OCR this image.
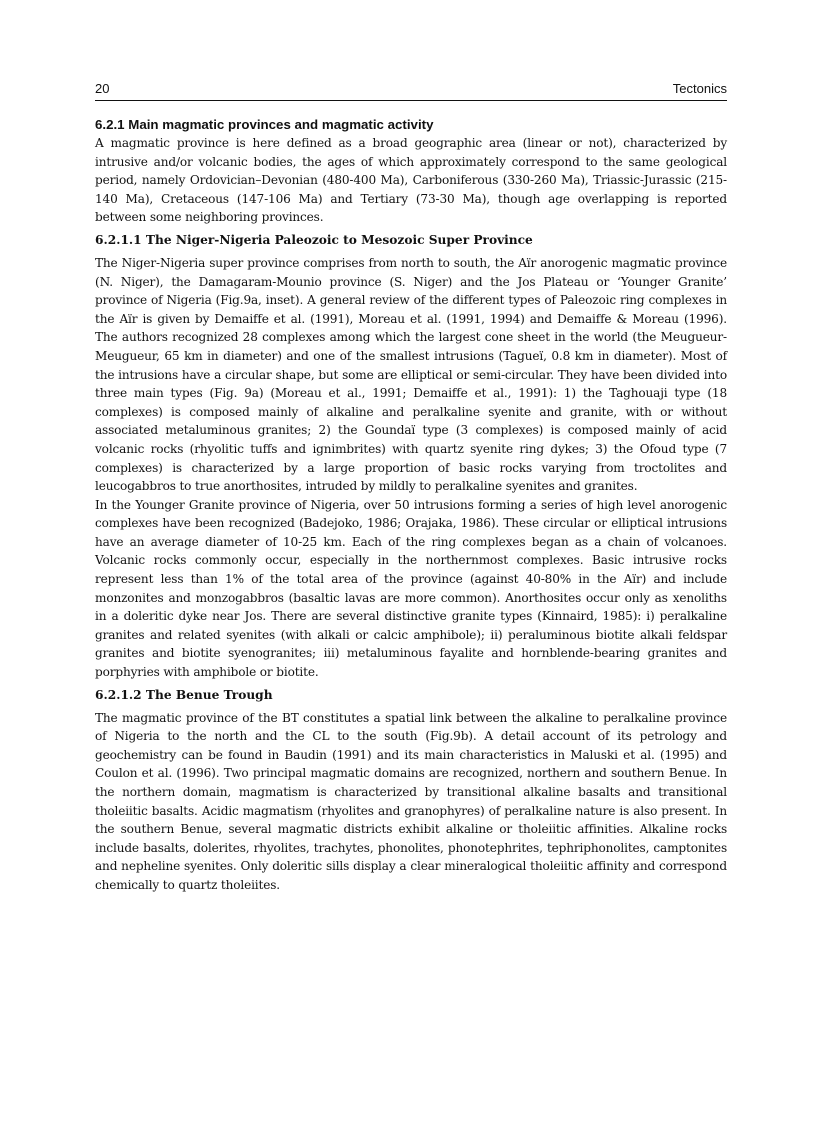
20	Tectonics
6.2.1 Main magmatic provinces and magmatic activity

A magmatic province is here defined as a broad geographic area (linear or not), characterized by intrusive and/or volcanic bodies, the ages of which approximately correspond to the same geological period, namely Ordovician–Devonian (480-400 Ma), Carboniferous (330-260 Ma), Triassic-Jurassic (215-140 Ma), Cretaceous (147-106 Ma) and Tertiary (73-30 Ma), though age overlapping is reported between some neighboring provinces.

6.2.1.1 The Niger-Nigeria Paleozoic to Mesozoic Super Province

The Niger-Nigeria super province comprises from north to south, the Aïr anorogenic magmatic province (N. Niger), the Damagaram-Mounio province (S. Niger) and the Jos Plateau or ‘Younger Granite’ province of Nigeria (Fig.9a, inset). A general review of the different types of Paleozoic ring complexes in the Aïr is given by Demaiffe et al. (1991), Moreau et al. (1991, 1994) and Demaiffe & Moreau (1996). The authors recognized 28 complexes among which the largest cone sheet in the world (the Meugueur-Meugueur, 65 km in diameter) and one of the smallest intrusions (Tagueï, 0.8 km in diameter). Most of the intrusions have a circular shape, but some are elliptical or semi-circular. They have been divided into three main types (Fig. 9a) (Moreau et al., 1991; Demaiffe et al., 1991): 1) the Taghouaji type (18 complexes) is composed mainly of alkaline and peralkaline syenite and granite, with or without associated metaluminous granites; 2) the Goundaï type (3 complexes) is composed mainly of acid volcanic rocks (rhyolitic tuffs and ignimbrites) with quartz syenite ring dykes; 3) the Ofoud type (7 complexes) is characterized by a large proportion of basic rocks varying from troctolites and leucogabbros to true anorthosites, intruded by mildly to peralkaline syenites and granites.

In the Younger Granite province of Nigeria, over 50 intrusions forming a series of high level anorogenic complexes have been recognized (Badejoko, 1986; Orajaka, 1986). These circular or elliptical intrusions have an average diameter of 10-25 km. Each of the ring complexes began as a chain of volcanoes. Volcanic rocks commonly occur, especially in the northernmost complexes. Basic intrusive rocks represent less than 1% of the total area of the province (against 40-80% in the Aïr) and include monzonites and monzogabbros (basaltic lavas are more common). Anorthosites occur only as xenoliths in a doleritic dyke near Jos. There are several distinctive granite types (Kinnaird, 1985): i) peralkaline granites and related syenites (with alkali or calcic amphibole); ii) peraluminous biotite alkali feldspar granites and biotite syenogranites; iii) metaluminous fayalite and hornblende-bearing granites and porphyries with amphibole or biotite.

6.2.1.2 The Benue Trough

The magmatic province of the BT constitutes a spatial link between the alkaline to peralkaline province of Nigeria to the north and the CL to the south (Fig.9b). A detail account of its petrology and geochemistry can be found in Baudin (1991) and its main characteristics in Maluski et al. (1995) and Coulon et al. (1996). Two principal magmatic domains are recognized, northern and southern Benue. In the northern domain, magmatism is characterized by transitional alkaline basalts and transitional tholeiitic basalts. Acidic magmatism (rhyolites and granophyres) of peralkaline nature is also present. In the southern Benue, several magmatic districts exhibit alkaline or tholeiitic affinities. Alkaline rocks include basalts, dolerites, rhyolites, trachytes, phonolites, phonotephrites, tephriphonolites, camptonites and nepheline syenites. Only doleritic sills display a clear mineralogical tholeiitic affinity and correspond chemically to quartz tholeiites.
